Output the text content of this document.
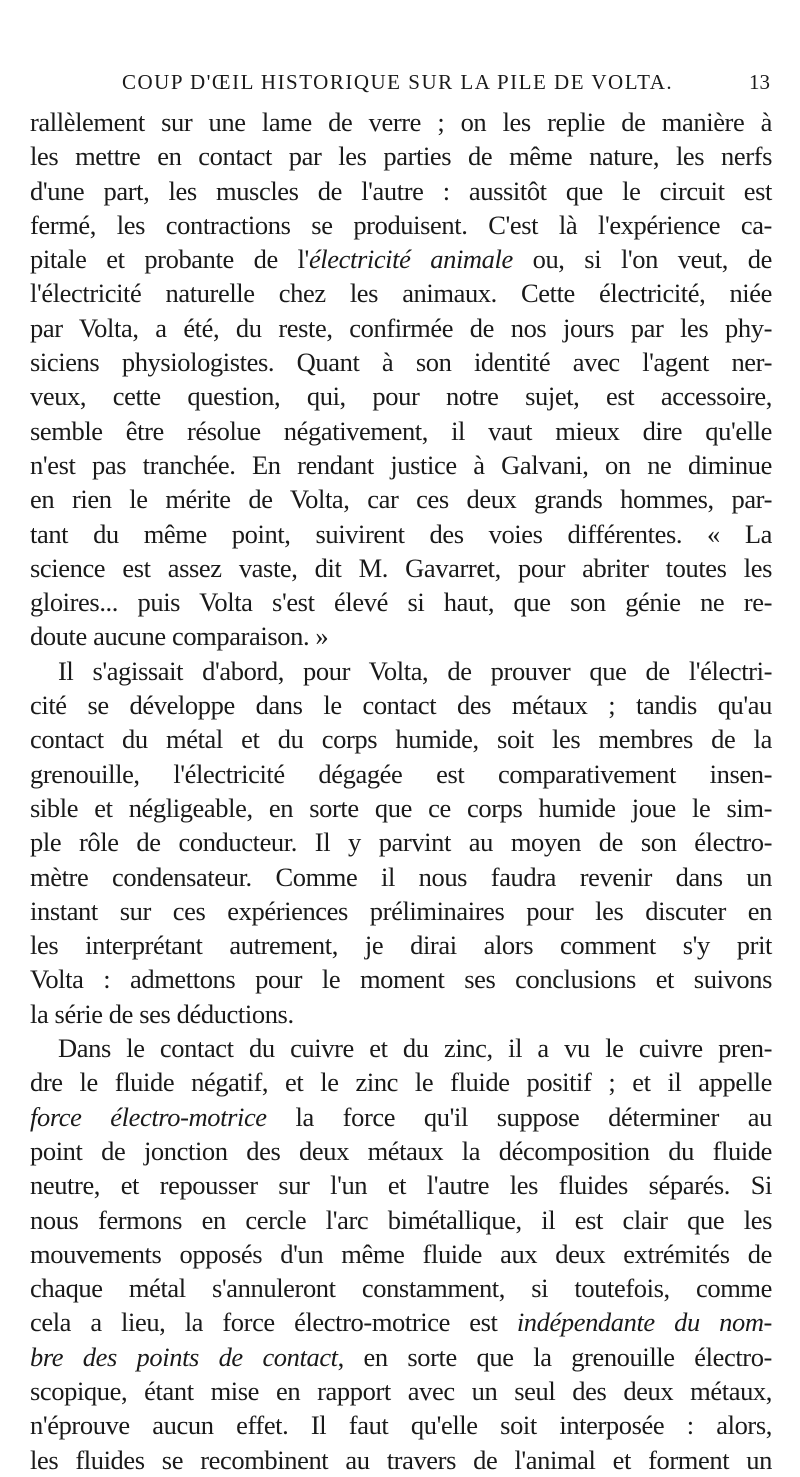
COUP D'ŒIL HISTORIQUE SUR LA PILE DE VOLTA.	13
rallèlement sur une lame de verre ; on les replie de manière à
les mettre en contact par les parties de même nature, les nerfs
d'une part, les muscles de l'autre : aussitôt que le circuit est
fermé, les contractions se produisent. C'est là l'expérience ca-
pitale et probante de l'électricité animale ou, si l'on veut, de
l'électricité naturelle chez les animaux. Cette électricité, niée
par Volta, a été, du reste, confirmée de nos jours par les phy-
siciens physiologistes. Quant à son identité avec l'agent ner-
veux, cette question, qui, pour notre sujet, est accessoire,
semble être résolue négativement, il vaut mieux dire qu'elle
n'est pas tranchée. En rendant justice à Galvani, on ne diminue
en rien le mérite de Volta, car ces deux grands hommes, par-
tant du même point, suivirent des voies différentes. « La
science est assez vaste, dit M. Gavarret, pour abriter toutes les
gloires... puis Volta s'est élevé si haut, que son génie ne re-
doute aucune comparaison. »
Il s'agissait d'abord, pour Volta, de prouver que de l'électri-
cité se développe dans le contact des métaux ; tandis qu'au
contact du métal et du corps humide, soit les membres de la
grenouille, l'électricité dégagée est comparativement insen-
sible et négligeable, en sorte que ce corps humide joue le sim-
ple rôle de conducteur. Il y parvint au moyen de son électro-
mètre condensateur. Comme il nous faudra revenir dans un
instant sur ces expériences préliminaires pour les discuter en
les interprétant autrement, je dirai alors comment s'y prit
Volta : admettons pour le moment ses conclusions et suivons
la série de ses déductions.
Dans le contact du cuivre et du zinc, il a vu le cuivre pren-
dre le fluide négatif, et le zinc le fluide positif ; et il appelle
force électro-motrice la force qu'il suppose déterminer au
point de jonction des deux métaux la décomposition du fluide
neutre, et repousser sur l'un et l'autre les fluides séparés. Si
nous fermons en cercle l'arc bimétallique, il est clair que les
mouvements opposés d'un même fluide aux deux extrémités de
chaque métal s'annuleront constamment, si toutefois, comme
cela a lieu, la force électro-motrice est indépendante du nom-
bre des points de contact, en sorte que la grenouille électro-
scopique, étant mise en rapport avec un seul des deux métaux,
n'éprouve aucun effet. Il faut qu'elle soit interposée : alors,
les fluides se recombinent au travers de l'animal et forment un
